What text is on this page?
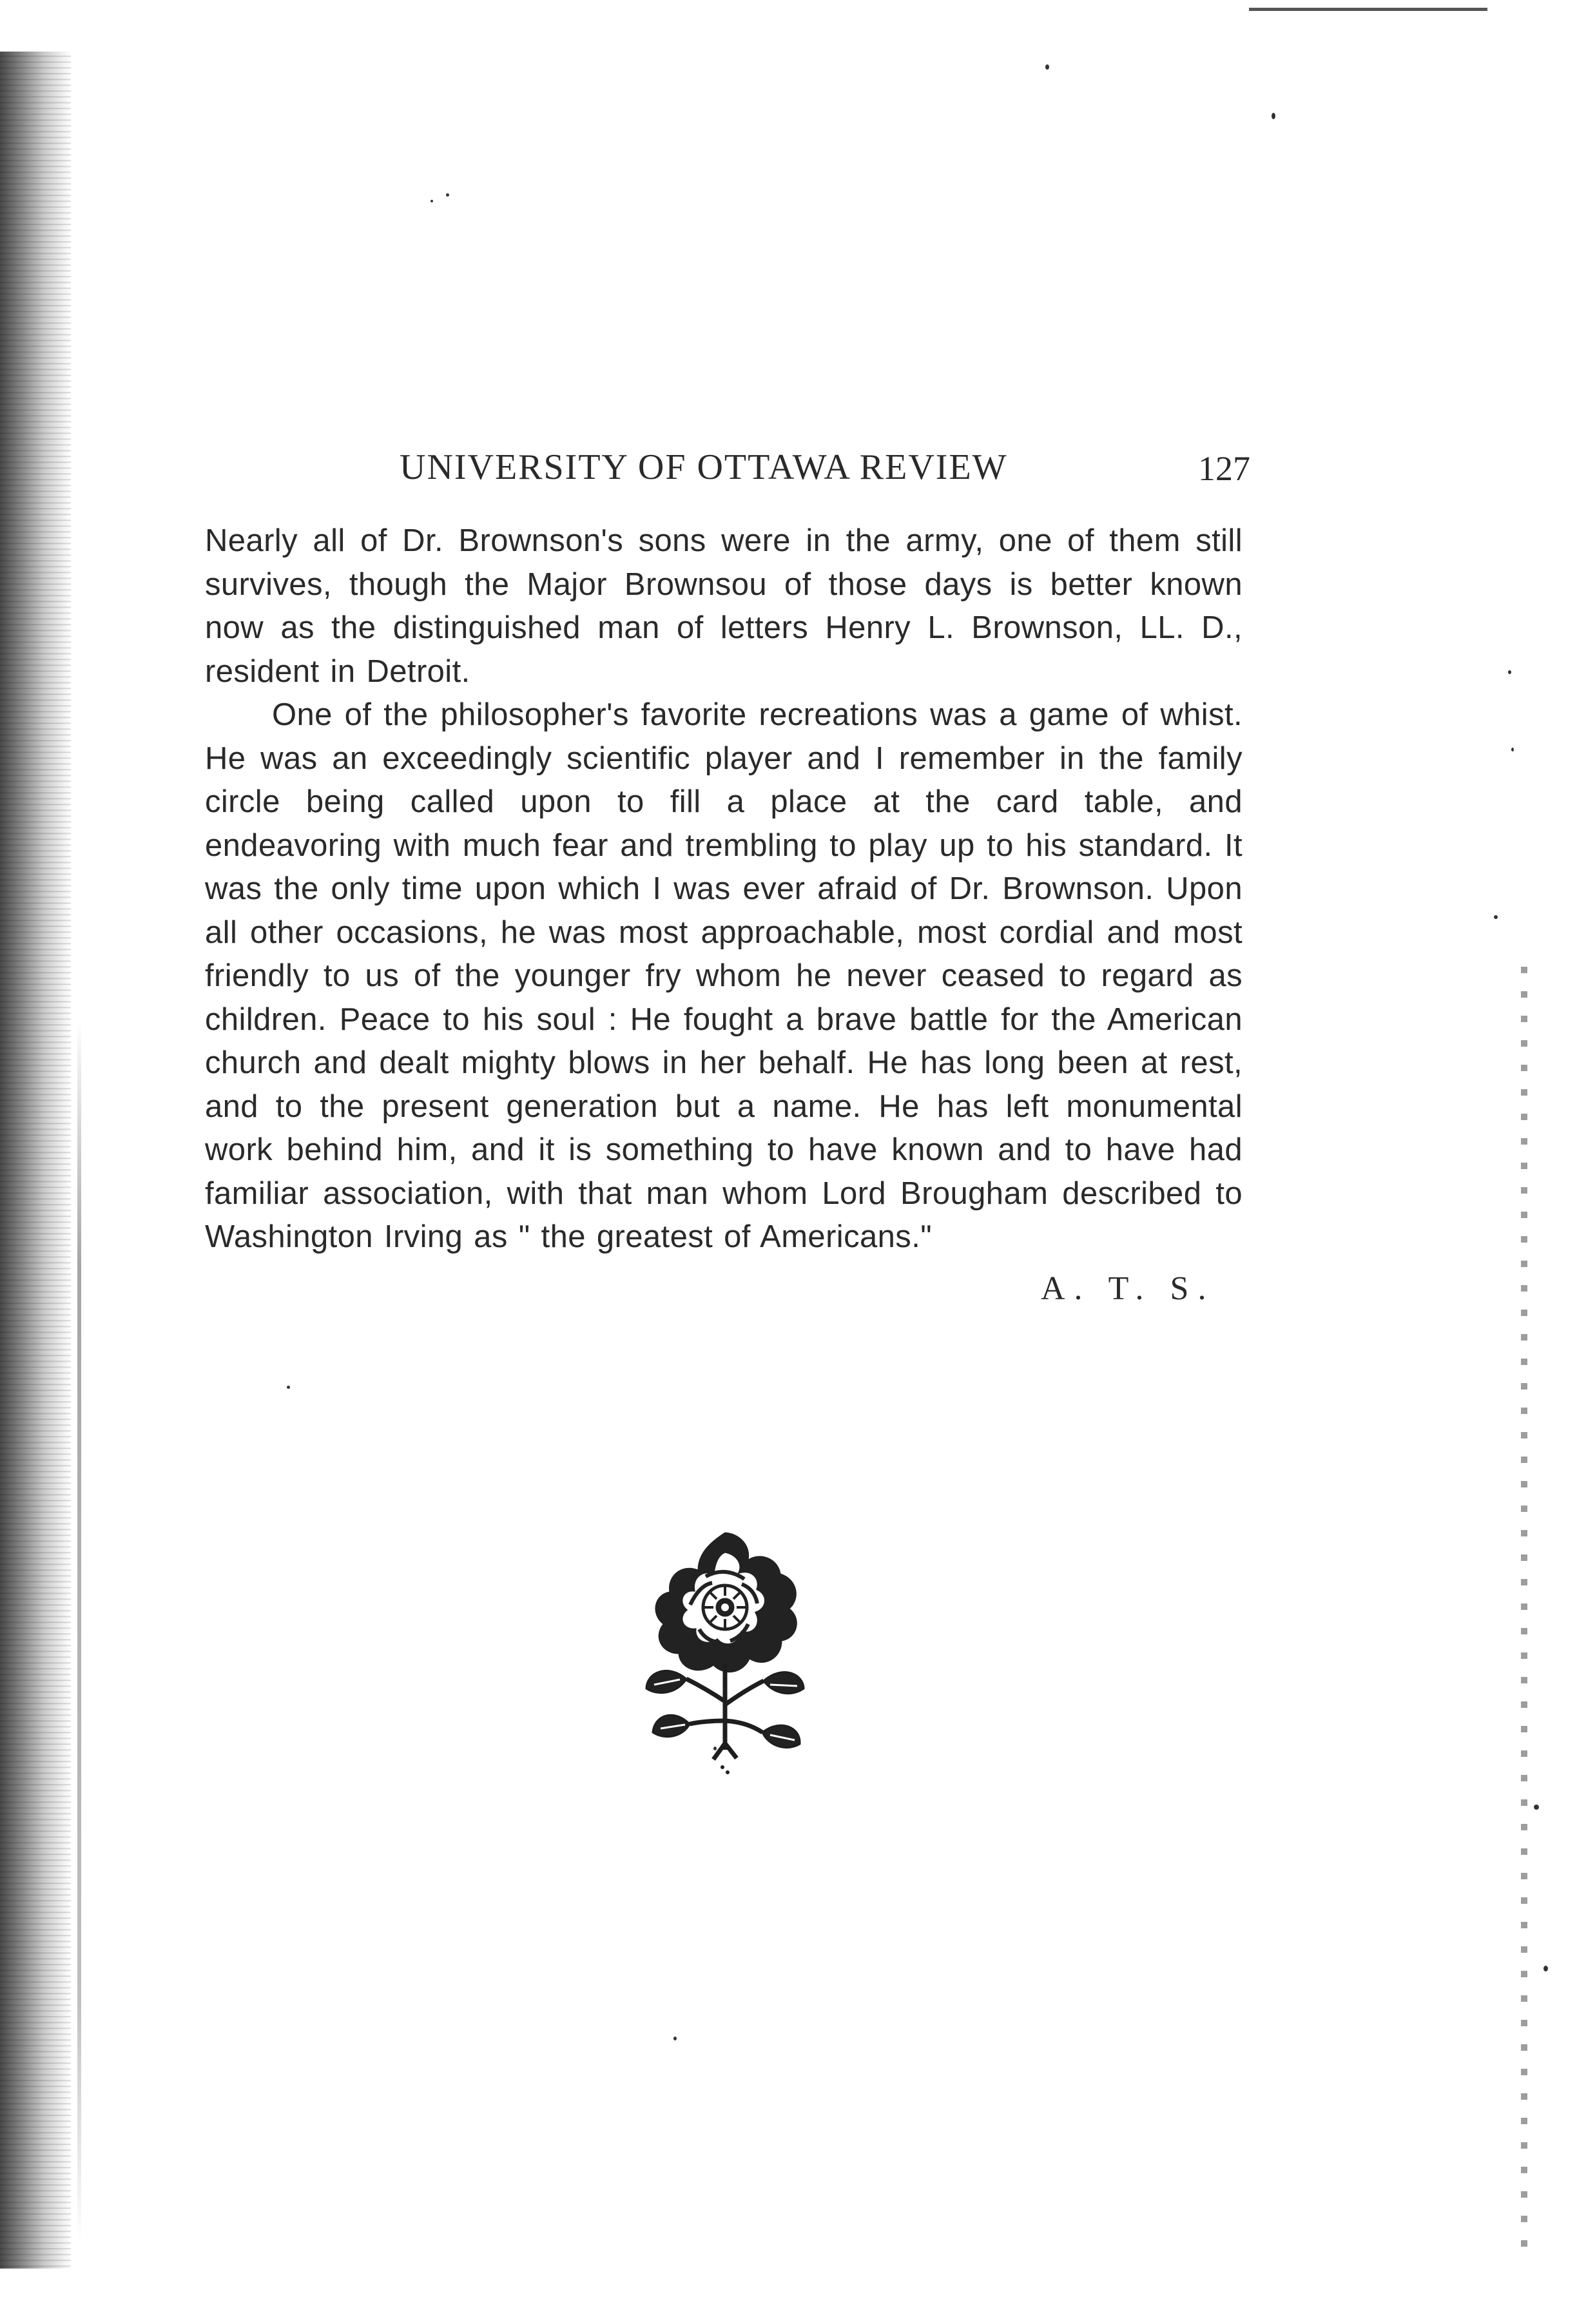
UNIVERSITY OF OTTAWA REVIEW	127

Nearly all of Dr. Brownson's sons were in the army, one of them still survives, though the Major Brownsou of those days is better known now as the distinguished man of letters Henry L. Brownson, LL. D., resident in Detroit.

One of the philosopher's favorite recreations was a game of whist. He was an exceedingly scientific player and I remember in the family circle being called upon to fill a place at the card table, and endeavoring with much fear and trembling to play up to his standard. It was the only time upon which I was ever afraid of Dr. Brownson. Upon all other occasions, he was most approachable, most cordial and most friendly to us of the younger fry whom he never ceased to regard as children. Peace to his soul : He fought a brave battle for the American church and dealt mighty blows in her behalf. He has long been at rest, and to the present generation but a name. He has left monumental work behind him, and it is something to have known and to have had familiar association, with that man whom Lord Brougham described to Washington Irving as " the greatest of Americans."

A. T. S.
